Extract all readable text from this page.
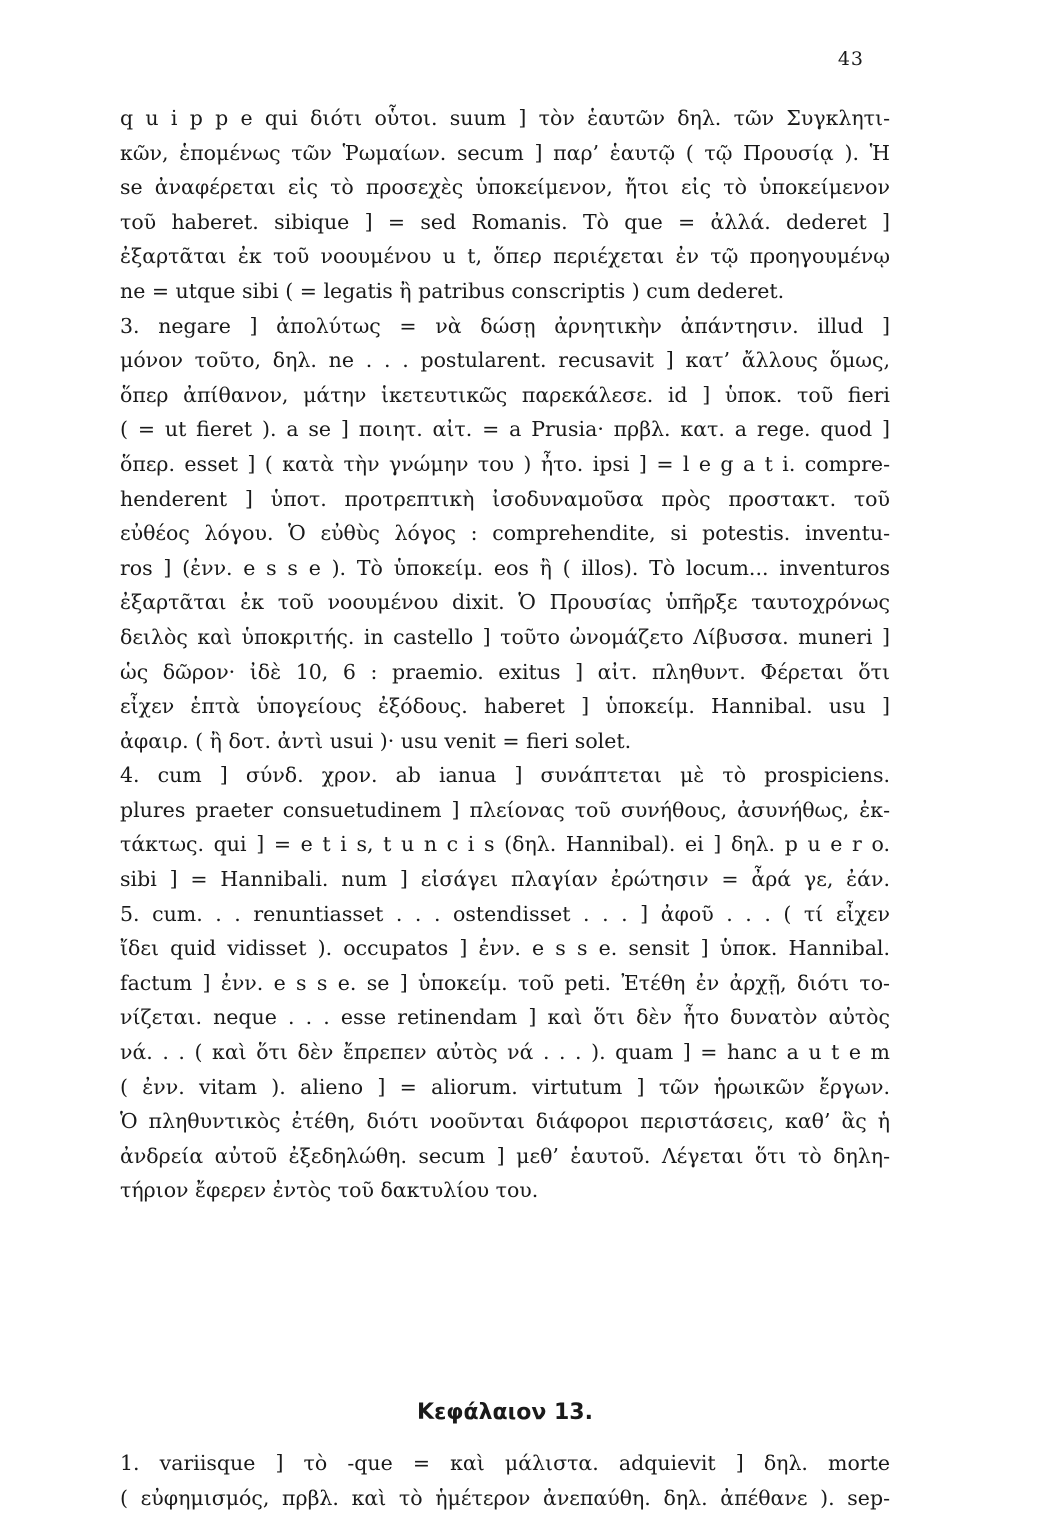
43
q u i p p e qui διότι οὗτοι. suum ] τὸν ἑαυτῶν δηλ. τῶν Συγκλητι-
κῶν, ἑπομένως τῶν Ῥωμαίων. secum ] παρ’ ἑαυτῷ ( τῷ Προυσίᾳ ). Ἡ
se ἀναφέρεται εἰς τὸ προσεχὲς ὑποκείμενον, ἤτοι εἰς τὸ ὑποκείμενον
τοῦ haberet. sibique ] = sed Romanis. Τὸ que = ἀλλά. dederet ]
ἐξαρτᾶται ἐκ τοῦ νοουμένου u t, ὅπερ περιέχεται ἐν τῷ προηγουμένῳ
ne = utque sibi ( = legatis ἢ patribus conscriptis ) cum dederet.
3. negare ] ἀπολύτως = νὰ δώσῃ ἀρνητικὴν ἀπάντησιν. illud ]
μόνον τοῦτο, δηλ. ne . . . postularent. recusavit ] κατ’ ἄλλους ὅμως,
ὅπερ ἀπίθανον, μάτην ἱκετευτικῶς παρεκάλεσε. id ] ὑποκ. τοῦ fieri
( = ut fieret ). a se ] ποιητ. αἰτ. = a Prusia· πρβλ. κατ. a rege. quod ]
ὅπερ. esset ] ( κατὰ τὴν γνώμην του ) ἦτο. ipsi ] = l e g a t i. compre-
henderent ] ὑποτ. προτρεπτικὴ ἰσοδυναμοῦσα πρὸς προστακτ. τοῦ
εὐθέος λόγου. Ὁ εὐθὺς λόγος : comprehendite, si potestis. inventu-
ros ] (ἐνν. e s s e ). Τὸ ὑποκείμ. eos ἢ ( illos). Τὸ locum... inventuros
ἐξαρτᾶται ἐκ τοῦ νοουμένου dixit. Ὁ Προυσίας ὑπῆρξε ταυτοχρόνως
δειλὸς καὶ ὑποκριτής. in castello ] τοῦτο ὠνομάζετο Λίβυσσα. muneri ]
ὡς δῶρον· ἰδὲ 10, 6 : praemio. exitus ] αἰτ. πληθυντ. Φέρεται ὅτι
εἶχεν ἑπτὰ ὑπογείους ἐξόδους. haberet ] ὑποκείμ. Hannibal. usu ]
ἀφαιρ. ( ἢ δοτ. ἀντὶ usui )· usu venit = fieri solet.
4. cum ] σύνδ. χρον. ab ianua ] συνάπτεται μὲ τὸ prospiciens.
plures praeter consuetudinem ] πλείονας τοῦ συνήθους, ἀσυνήθως, ἐκ-
τάκτως. qui ] = e t i s, t u n c i s (δηλ. Hannibal). ei ] δηλ. p u e r o.
sibi ] = Hannibali. num ] εἰσάγει πλαγίαν ἐρώτησιν = ἆρά γε, ἐάν.
5. cum. . . renuntiasset . . . ostendisset . . . ] ἀφοῦ . . . ( τί εἶχεν
ἴδει quid vidisset ). occupatos ] ἐνν. e s s e. sensit ] ὑποκ. Hannibal.
factum ] ἐνν. e s s e. se ] ὑποκείμ. τοῦ peti. Ἐτέθη ἐν ἀρχῇ, διότι το-
νίζεται. neque . . . esse retinendam ] καὶ ὅτι δὲν ἦτο δυνατὸν αὐτὸς
νά. . . ( καὶ ὅτι δὲν ἔπρεπεν αὐτὸς νά . . . ). quam ] = hanc a u t e m
( ἐνν. vitam ). alieno ] = aliorum. virtutum ] τῶν ἡρωικῶν ἔργων.
Ὁ πληθυντικὸς ἐτέθη, διότι νοοῦνται διάφοροι περιστάσεις, καθ’ ἃς ἡ
ἀνδρεία αὐτοῦ ἐξεδηλώθη. secum ] μεθ’ ἑαυτοῦ. Λέγεται ὅτι τὸ δηλη-
τήριον ἔφερεν ἐντὸς τοῦ δακτυλίου του.
Κεφάλαιον 13.
1. variisque ] τὸ -que = καὶ μάλιστα. adquievit ] δηλ. morte
( εὐφημισμός, πρβλ. καὶ τὸ ἡμέτερον ἀνεπαύθη. δηλ. ἀπέθανε ). sep-
